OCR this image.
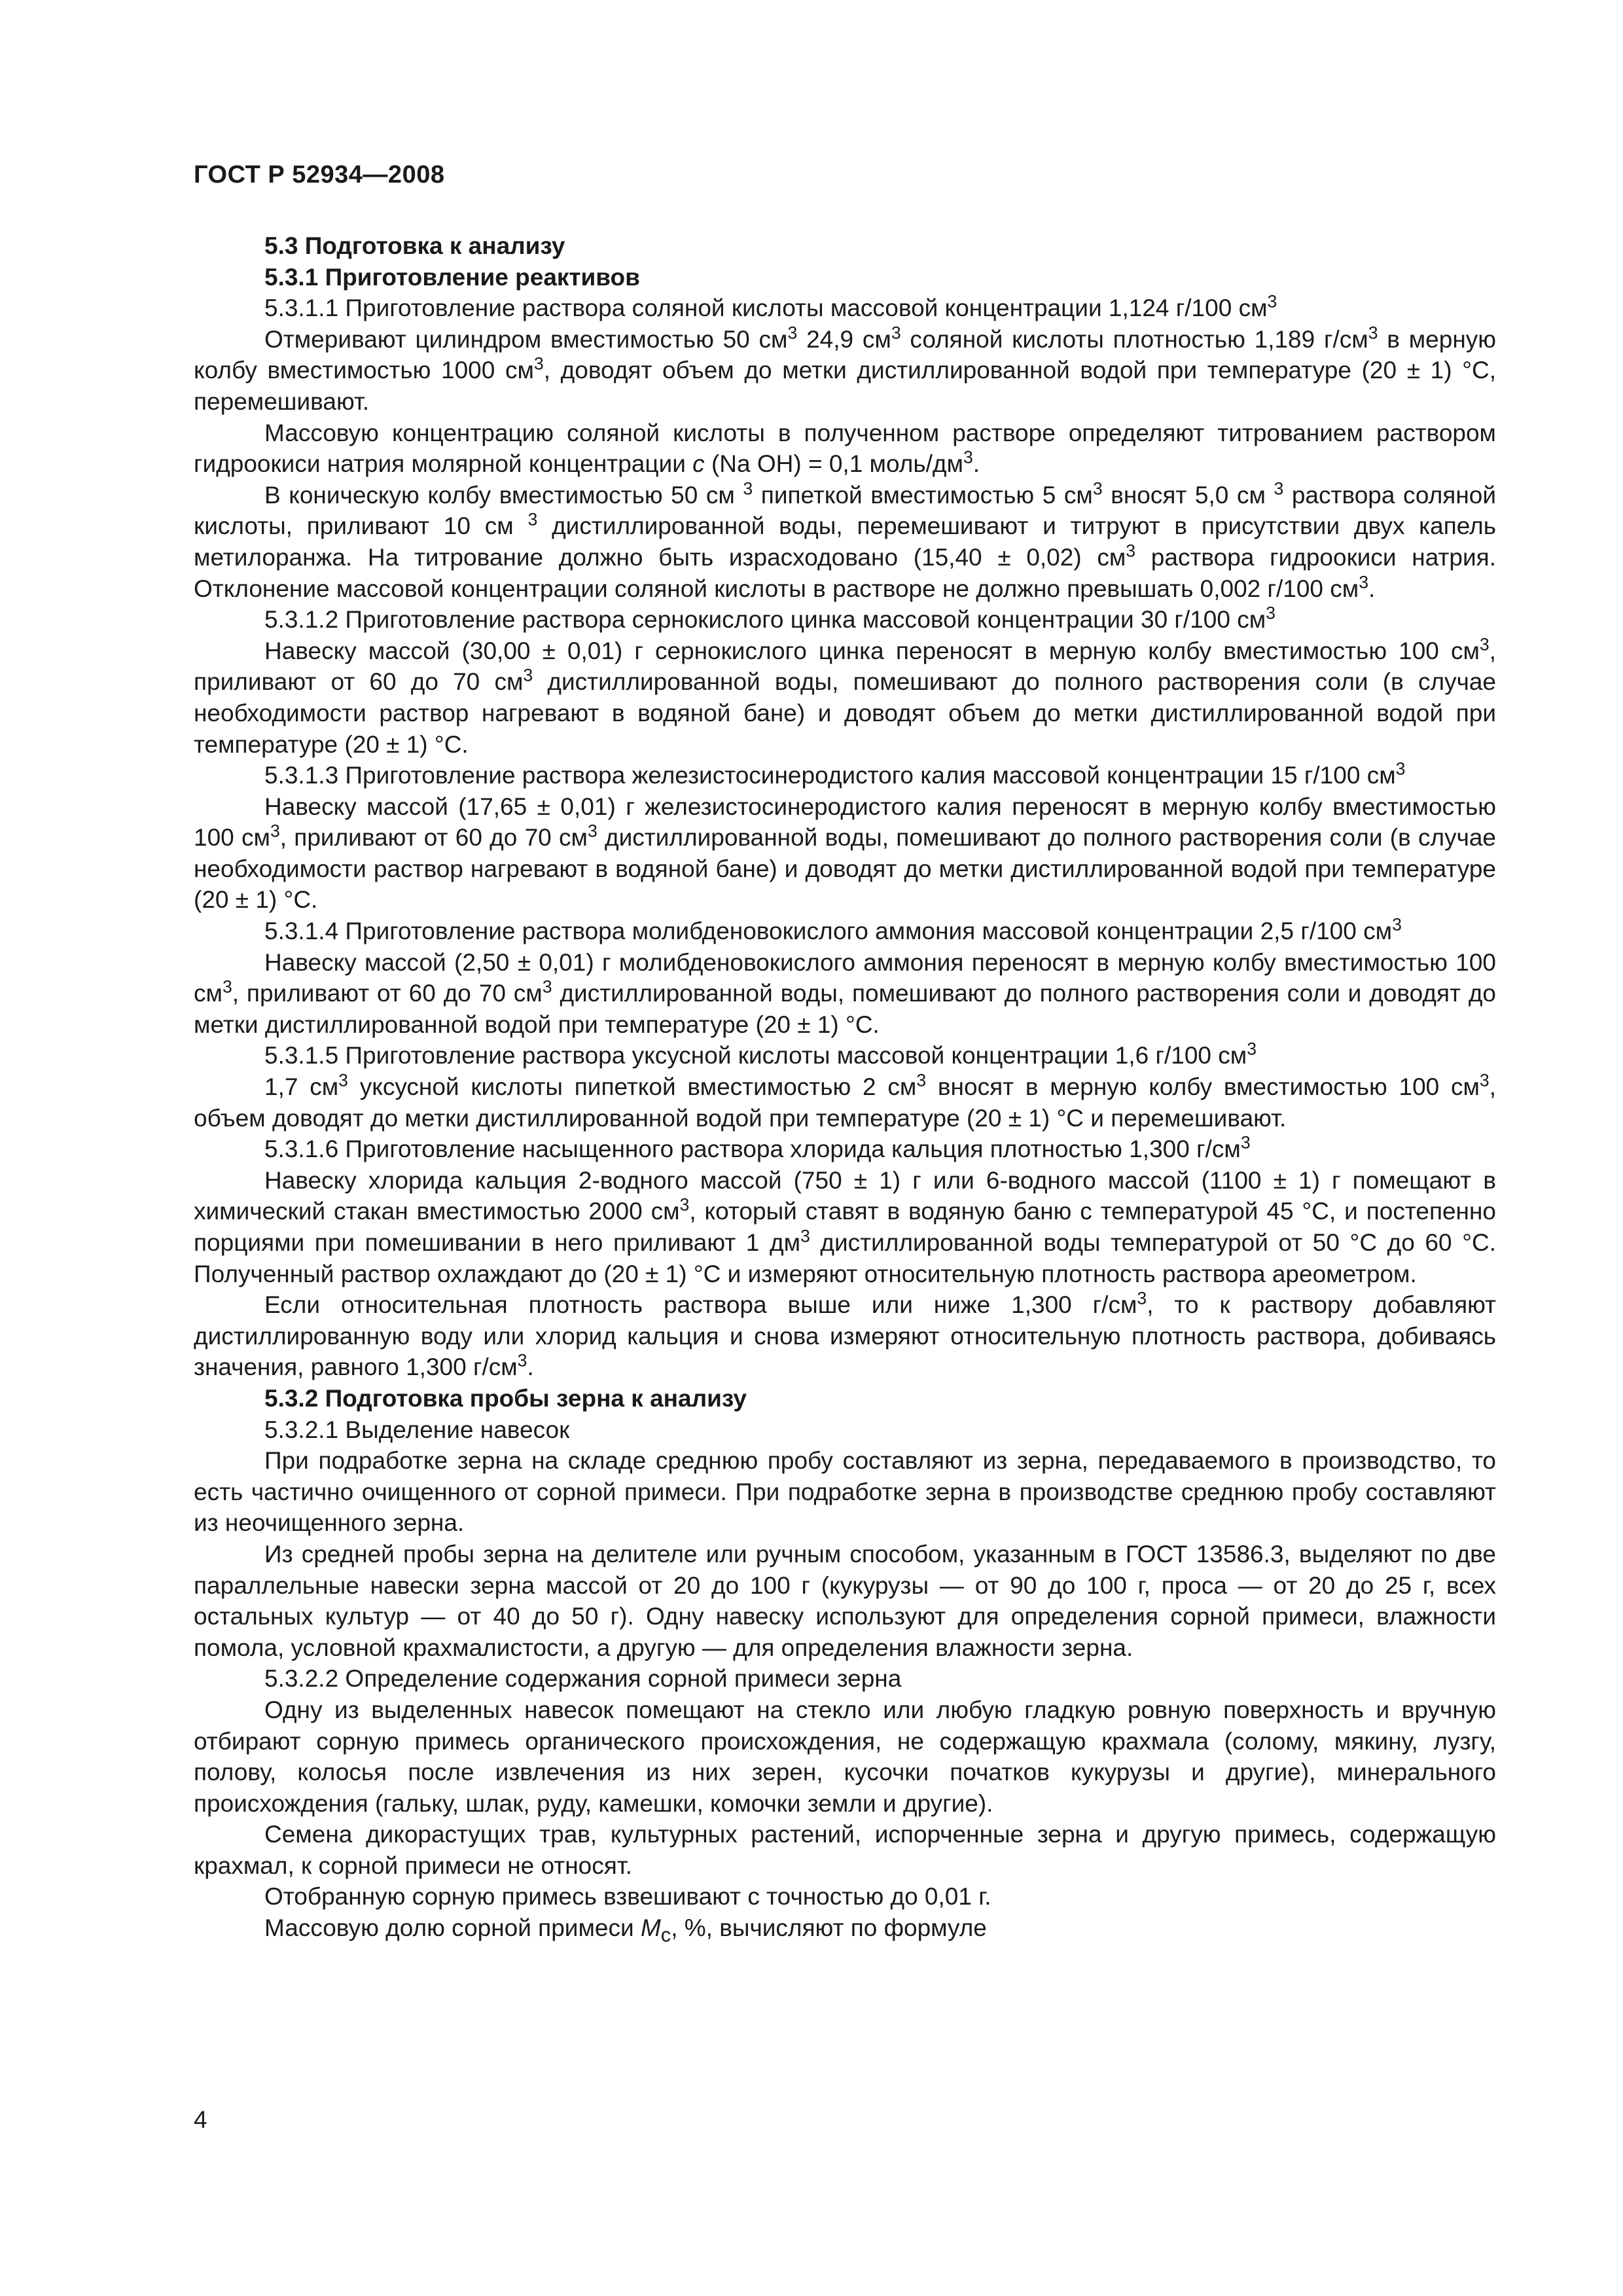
ГОСТ Р 52934—2008

5.3 Подготовка к анализу

5.3.1 Приготовление реактивов

5.3.1.1 Приготовление раствора соляной кислоты массовой концентрации 1,124 г/100 $см^3$

Отмеривают цилиндром вместимостью 50 $см^3$ 24,9 $см^3$ соляной кислоты плотностью 1,189 $г/см^3$ в мерную колбу вместимостью 1000 $см^3$, доводят объем до метки дистиллированной водой при температуре (20 ± 1) °С, перемешивают.

Массовую концентрацию соляной кислоты в полученном растворе определяют титрованием раствором гидроокиси натрия молярной концентрации c (Na OH) = 0,1 моль/$дм^3$.

В коническую колбу вместимостью 50 см $^3$ пипеткой вместимостью 5 $см^3$ вносят 5,0 см $^3$ раствора соляной кислоты, приливают 10 см $^3$ дистиллированной воды, перемешивают и титруют в присутствии двух капель метилоранжа. На титрование должно быть израсходовано (15,40 ± 0,02) $см^3$ раствора гидроокиси натрия. Отклонение массовой концентрации соляной кислоты в растворе не должно превышать 0,002 г/100 $см^3$.

5.3.1.2 Приготовление раствора сернокислого цинка массовой концентрации 30 г/100 $см^3$

Навеску массой (30,00 ± 0,01) г сернокислого цинка переносят в мерную колбу вместимостью 100 $см^3$, приливают от 60 до 70 $см^3$ дистиллированной воды, помешивают до полного растворения соли (в случае необходимости раствор нагревают в водяной бане) и доводят объем до метки дистиллированной водой при температуре (20 ± 1) °С.

5.3.1.3 Приготовление раствора железистосинеродистого калия массовой концентрации 15 г/100 $см^3$

Навеску массой (17,65 ± 0,01) г железистосинеродистого калия переносят в мерную колбу вместимостью 100 $см^3$, приливают от 60 до 70 $см^3$ дистиллированной воды, помешивают до полного растворения соли (в случае необходимости раствор нагревают в водяной бане) и доводят до метки дистиллированной водой при температуре (20 ± 1) °С.

5.3.1.4 Приготовление раствора молибденовокислого аммония массовой концентрации 2,5 г/100 $см^3$

Навеску массой (2,50 ± 0,01) г молибденовокислого аммония переносят в мерную колбу вместимостью 100 $см^3$, приливают от 60 до 70 $см^3$ дистиллированной воды, помешивают до полного растворения соли и доводят до метки дистиллированной водой при температуре (20 ± 1) °С.

5.3.1.5 Приготовление раствора уксусной кислоты массовой концентрации 1,6 г/100 $см^3$

1,7 $см^3$ уксусной кислоты пипеткой вместимостью 2 $см^3$ вносят в мерную колбу вместимостью 100 $см^3$, объем доводят до метки дистиллированной водой при температуре (20 ± 1) °С и перемешивают.

5.3.1.6 Приготовление насыщенного раствора хлорида кальция плотностью 1,300 $г/см^3$

Навеску хлорида кальция 2-водного массой (750 ± 1) г или 6-водного массой (1100 ± 1) г помещают в химический стакан вместимостью 2000 $см^3$, который ставят в водяную баню с температурой 45 °С, и постепенно порциями при помешивании в него приливают 1 $дм^3$ дистиллированной воды температурой от 50 °С до 60 °С. Полученный раствор охлаждают до (20 ± 1) °С и измеряют относительную плотность раствора ареометром.

Если относительная плотность раствора выше или ниже 1,300 $г/см^3$, то к раствору добавляют дистиллированную воду или хлорид кальция и снова измеряют относительную плотность раствора, добиваясь значения, равного 1,300 $г/см^3$.

5.3.2 Подготовка пробы зерна к анализу

5.3.2.1 Выделение навесок

При подработке зерна на складе среднюю пробу составляют из зерна, передаваемого в производство, то есть частично очищенного от сорной примеси. При подработке зерна в производстве среднюю пробу составляют из неочищенного зерна.

Из средней пробы зерна на делителе или ручным способом, указанным в ГОСТ 13586.3, выделяют по две параллельные навески зерна массой от 20 до 100 г (кукурузы — от 90 до 100 г, проса — от 20 до 25 г, всех остальных культур — от 40 до 50 г). Одну навеску используют для определения сорной примеси, влажности помола, условной крахмалистости, а другую — для определения влажности зерна.

5.3.2.2 Определение содержания сорной примеси зерна

Одну из выделенных навесок помещают на стекло или любую гладкую ровную поверхность и вручную отбирают сорную примесь органического происхождения, не содержащую крахмала (солому, мякину, лузгу, полову, колосья после извлечения из них зерен, кусочки початков кукурузы и другие), минерального происхождения (гальку, шлак, руду, камешки, комочки земли и другие).

Семена дикорастущих трав, культурных растений, испорченные зерна и другую примесь, содержащую крахмал, к сорной примеси не относят.

Отобранную сорную примесь взвешивают с точностью до 0,01 г.

Массовую долю сорной примеси $M_с$, %, вычисляют по формуле

4
